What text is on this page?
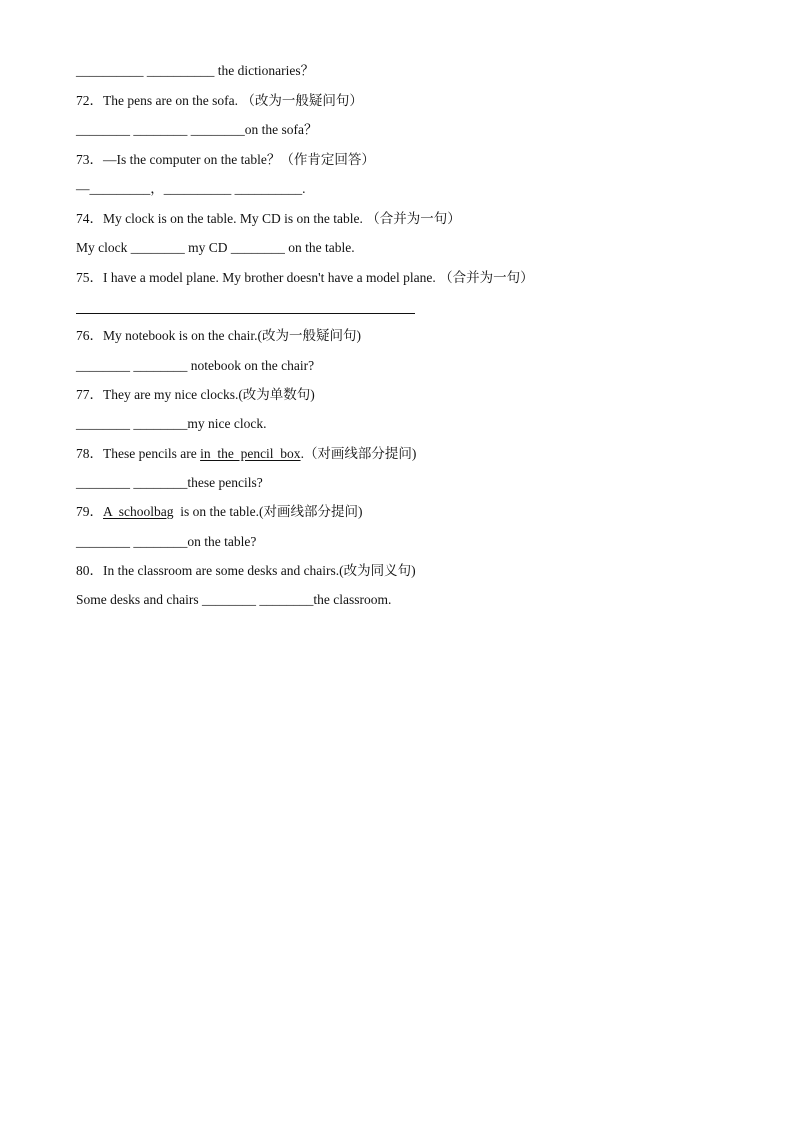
__________ __________ the dictionaries？
72．The pens are on the sofa. （改为一般疑问句）
________ ________ ________on the sofa？
73．—Is the computer on the table？（作肯定回答）
—_________，__________ __________.
74．My clock is on the table. My CD is on the table. （合并为一句）
My clock ________ my CD ________ on the table.
75．I have a model plane. My brother doesn't have a model plane. （合并为一句）
76．My notebook is on the chair.(改为一般疑问句)
________ ________ notebook on the chair?
77．They are my nice clocks.(改为单数句)
________ ________my nice clock.
78．These pencils are in  the  pencil  box.（对画线部分提问)
________ ________these pencils?
79．A  schoolbag  is on the table.(对画线部分提问)
________ ________on the table?
80．In the classroom are some desks and chairs.(改为同义句)
Some desks and chairs ________ ________the classroom.
